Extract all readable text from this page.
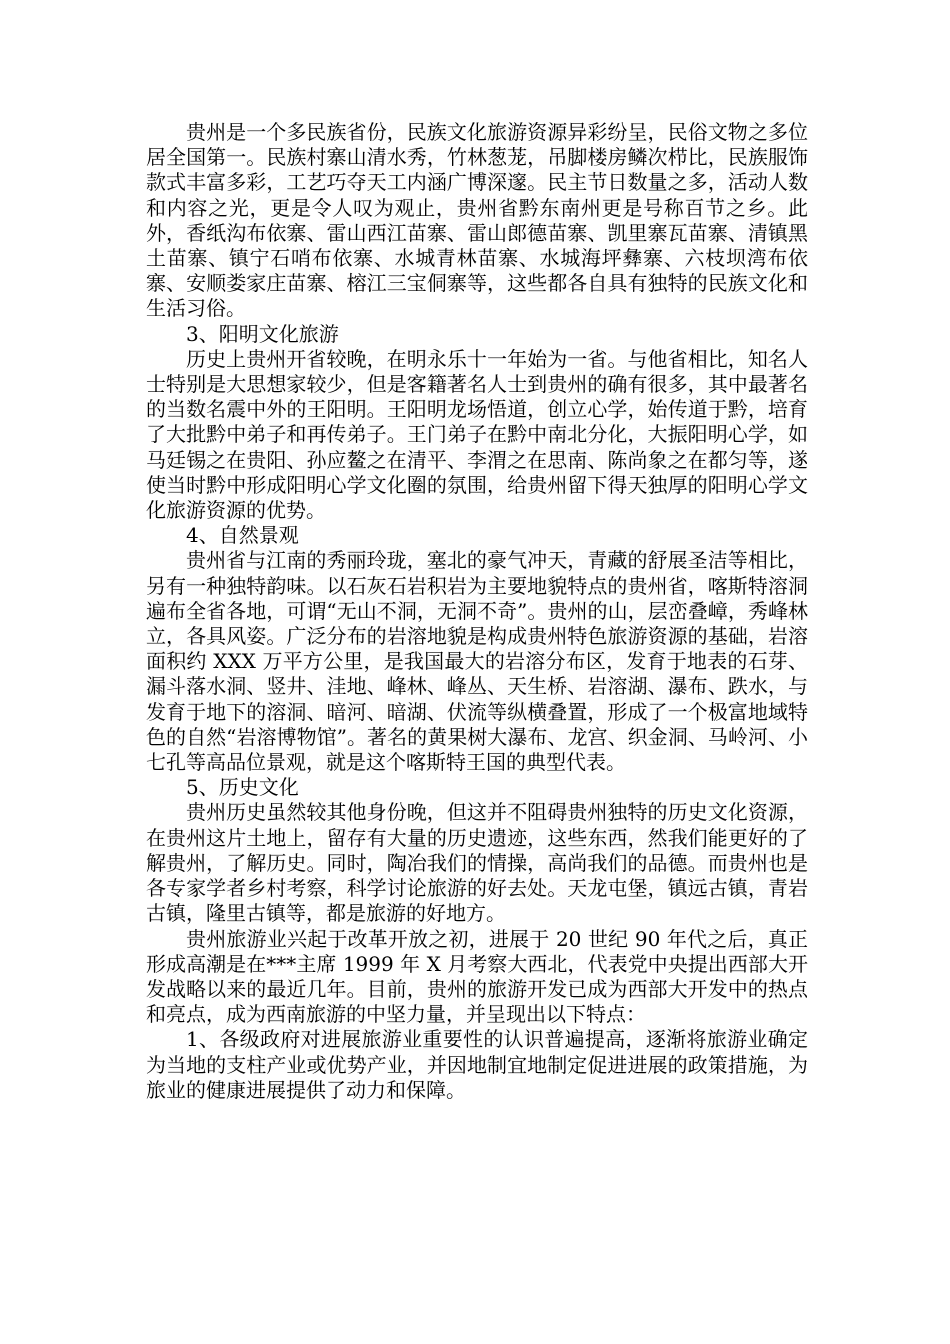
贵州是一个多民族省份，民族文化旅游资源异彩纷呈，民俗文物之多位居全国第一。民族村寨山清水秀，竹林葱茏，吊脚楼房鳞次栉比，民族服饰款式丰富多彩，工艺巧夺天工内涵广博深邃。民主节日数量之多，活动人数和内容之光，更是令人叹为观止，贵州省黔东南州更是号称百节之乡。此外，香纸沟布依寨、雷山西江苗寨、雷山郎德苗寨、凯里寨瓦苗寨、清镇黑土苗寨、镇宁石哨布依寨、水城青林苗寨、水城海坪彝寨、六枝坝湾布依寨、安顺娄家庄苗寨、榕江三宝侗寨等，这些都各自具有独特的民族文化和生活习俗。

3、阳明文化旅游

历史上贵州开省较晚，在明永乐十一年始为一省。与他省相比，知名人士特别是大思想家较少，但是客籍著名人士到贵州的确有很多，其中最著名的当数名震中外的王阳明。王阳明龙场悟道，创立心学，始传道于黔，培育了大批黔中弟子和再传弟子。王门弟子在黔中南北分化，大振阳明心学，如马廷锡之在贵阳、孙应鳌之在清平、李渭之在思南、陈尚象之在都匀等，遂使当时黔中形成阳明心学文化圈的氛围，给贵州留下得天独厚的阳明心学文化旅游资源的优势。

4、自然景观

贵州省与江南的秀丽玲珑，塞北的豪气冲天，青藏的舒展圣洁等相比，另有一种独特韵味。以石灰石岩积岩为主要地貌特点的贵州省，喀斯特溶洞遍布全省各地，可谓“无山不洞，无洞不奇”。贵州的山，层峦叠嶂，秀峰林立，各具风姿。广泛分布的岩溶地貌是构成贵州特色旅游资源的基础，岩溶面积约 XXX 万平方公里，是我国最大的岩溶分布区，发育于地表的石芽、漏斗落水洞、竖井、洼地、峰林、峰丛、天生桥、岩溶湖、瀑布、跌水，与发育于地下的溶洞、暗河、暗湖、伏流等纵横叠置，形成了一个极富地域特色的自然“岩溶博物馆”。著名的黄果树大瀑布、龙宫、织金洞、马岭河、小七孔等高品位景观，就是这个喀斯特王国的典型代表。

5、历史文化

贵州历史虽然较其他身份晚，但这并不阻碍贵州独特的历史文化资源，在贵州这片土地上，留存有大量的历史遗迹，这些东西，然我们能更好的了解贵州，了解历史。同时，陶冶我们的情操，高尚我们的品德。而贵州也是各专家学者乡村考察，科学讨论旅游的好去处。天龙屯堡，镇远古镇，青岩古镇，隆里古镇等，都是旅游的好地方。

贵州旅游业兴起于改革开放之初，进展于 20 世纪 90 年代之后，真正形成高潮是在***主席 1999 年 X 月考察大西北，代表党中央提出西部大开发战略以来的最近几年。目前，贵州的旅游开发已成为西部大开发中的热点和亮点，成为西南旅游的中坚力量，并呈现出以下特点：

1、各级政府对进展旅游业重要性的认识普遍提高，逐渐将旅游业确定为当地的支柱产业或优势产业，并因地制宜地制定促进进展的政策措施，为旅业的健康进展提供了动力和保障。
